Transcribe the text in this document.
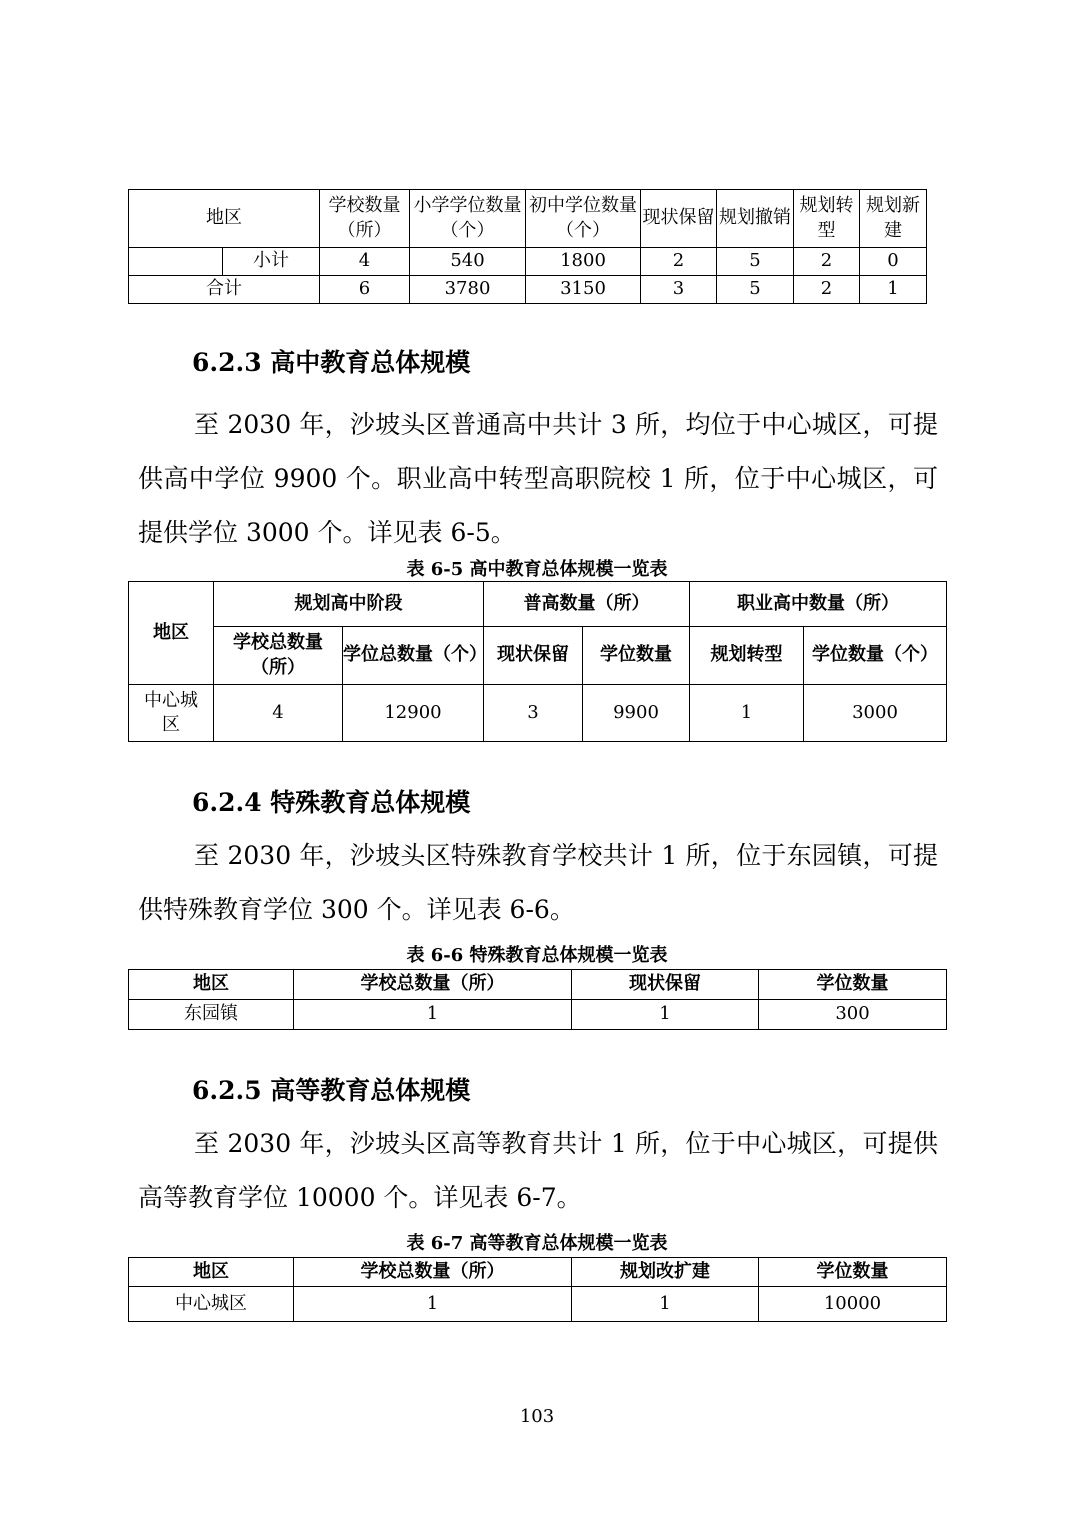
地区		学校数量（所）	小学学位数量（个）	初中学位数量（个）	现状保留	规划撤销	规划转型	规划新建
	小计	4	540	1800	2	5	2	0
合计		6	3780	3150	3	5	2	1
6.2.3 高中教育总体规模

至 2030 年，沙坡头区普通高中共计 3 所，均位于中心城区，可提供高中学位 9900 个。职业高中转型高职院校 1 所，位于中心城区，可提供学位 3000 个。详见表 6-5。

表 6-5 高中教育总体规模一览表

地区	规划高中阶段		普高数量（所）		职业高中数量（所）	
	学校总数量（所）	学位总数量（个）	现状保留	学位数量	规划转型	学位数量（个）
中心城区	4	12900	3	9900	1	3000
6.2.4 特殊教育总体规模

至 2030 年，沙坡头区特殊教育学校共计 1 所，位于东园镇，可提供特殊教育学位 300 个。详见表 6-6。

表 6-6 特殊教育总体规模一览表

地区	学校总数量（所）	现状保留	学位数量
东园镇	1	1	300
6.2.5 高等教育总体规模

至 2030 年，沙坡头区高等教育共计 1 所，位于中心城区，可提供高等教育学位 10000 个。详见表 6-7。

表 6-7 高等教育总体规模一览表

地区	学校总数量（所）	规划改扩建	学位数量
中心城区	1	1	10000
103
